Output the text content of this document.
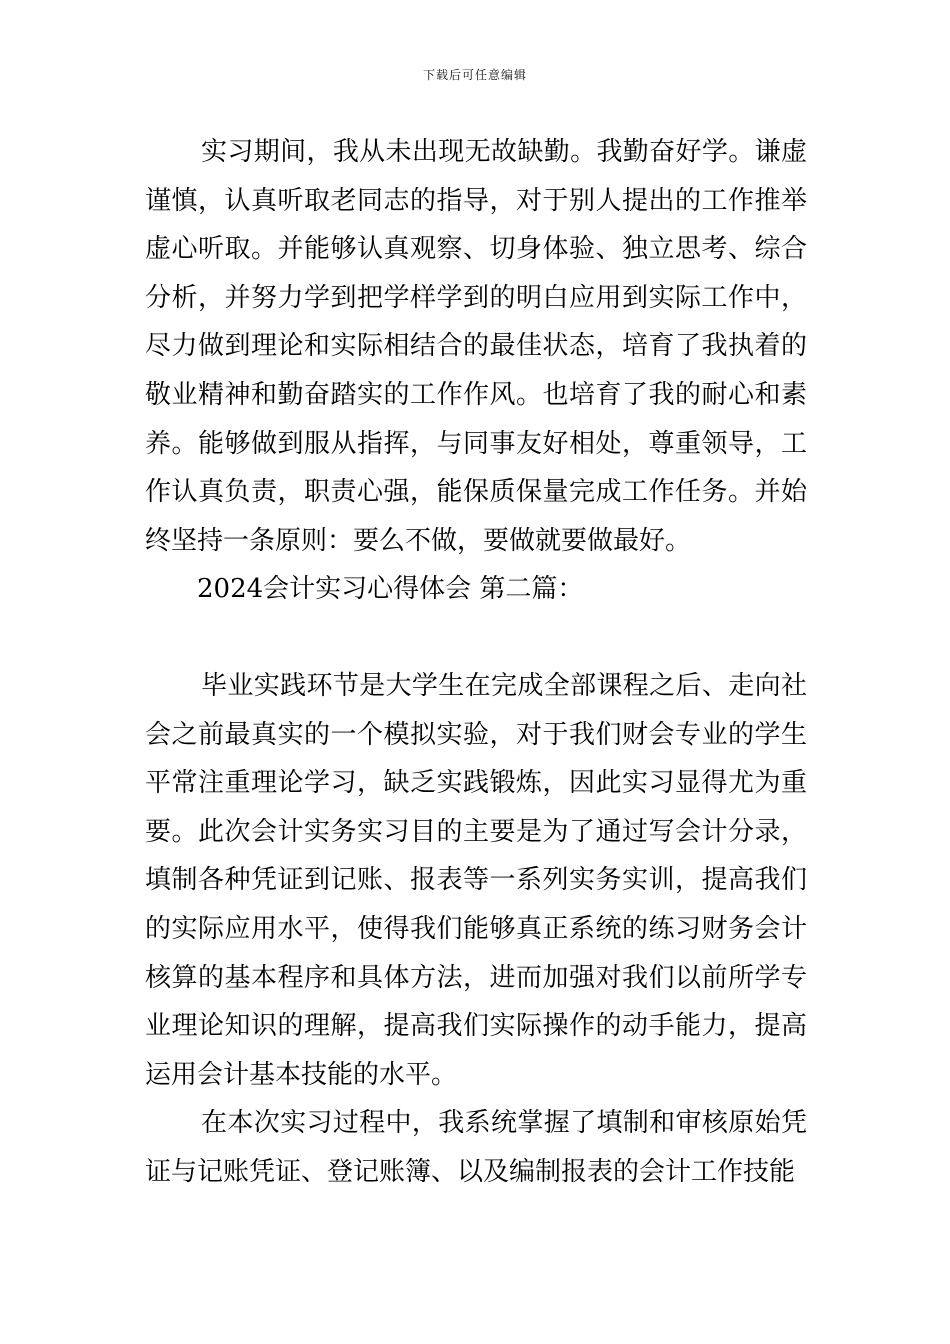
下载后可任意编辑

实习期间，我从未出现无故缺勤。我勤奋好学。谦虚谨慎，认真听取老同志的指导，对于别人提出的工作推举虚心听取。并能够认真观察、切身体验、独立思考、综合分析，并努力学到把学样学到的明白应用到实际工作中，尽力做到理论和实际相结合的最佳状态，培育了我执着的敬业精神和勤奋踏实的工作作风。也培育了我的耐心和素养。能够做到服从指挥，与同事友好相处，尊重领导，工作认真负责，职责心强，能保质保量完成工作任务。并始终坚持一条原则：要么不做，要做就要做最好。

2024会计实习心得体会 第二篇：

毕业实践环节是大学生在完成全部课程之后、走向社会之前最真实的一个模拟实验，对于我们财会专业的学生平常注重理论学习，缺乏实践锻炼，因此实习显得尤为重要。此次会计实务实习目的主要是为了通过写会计分录，填制各种凭证到记账、报表等一系列实务实训，提高我们的实际应用水平，使得我们能够真正系统的练习财务会计核算的基本程序和具体方法，进而加强对我们以前所学专业理论知识的理解，提高我们实际操作的动手能力，提高运用会计基本技能的水平。

在本次实习过程中，我系统掌握了填制和审核原始凭证与记账凭证、登记账簿、以及编制报表的会计工作技能
